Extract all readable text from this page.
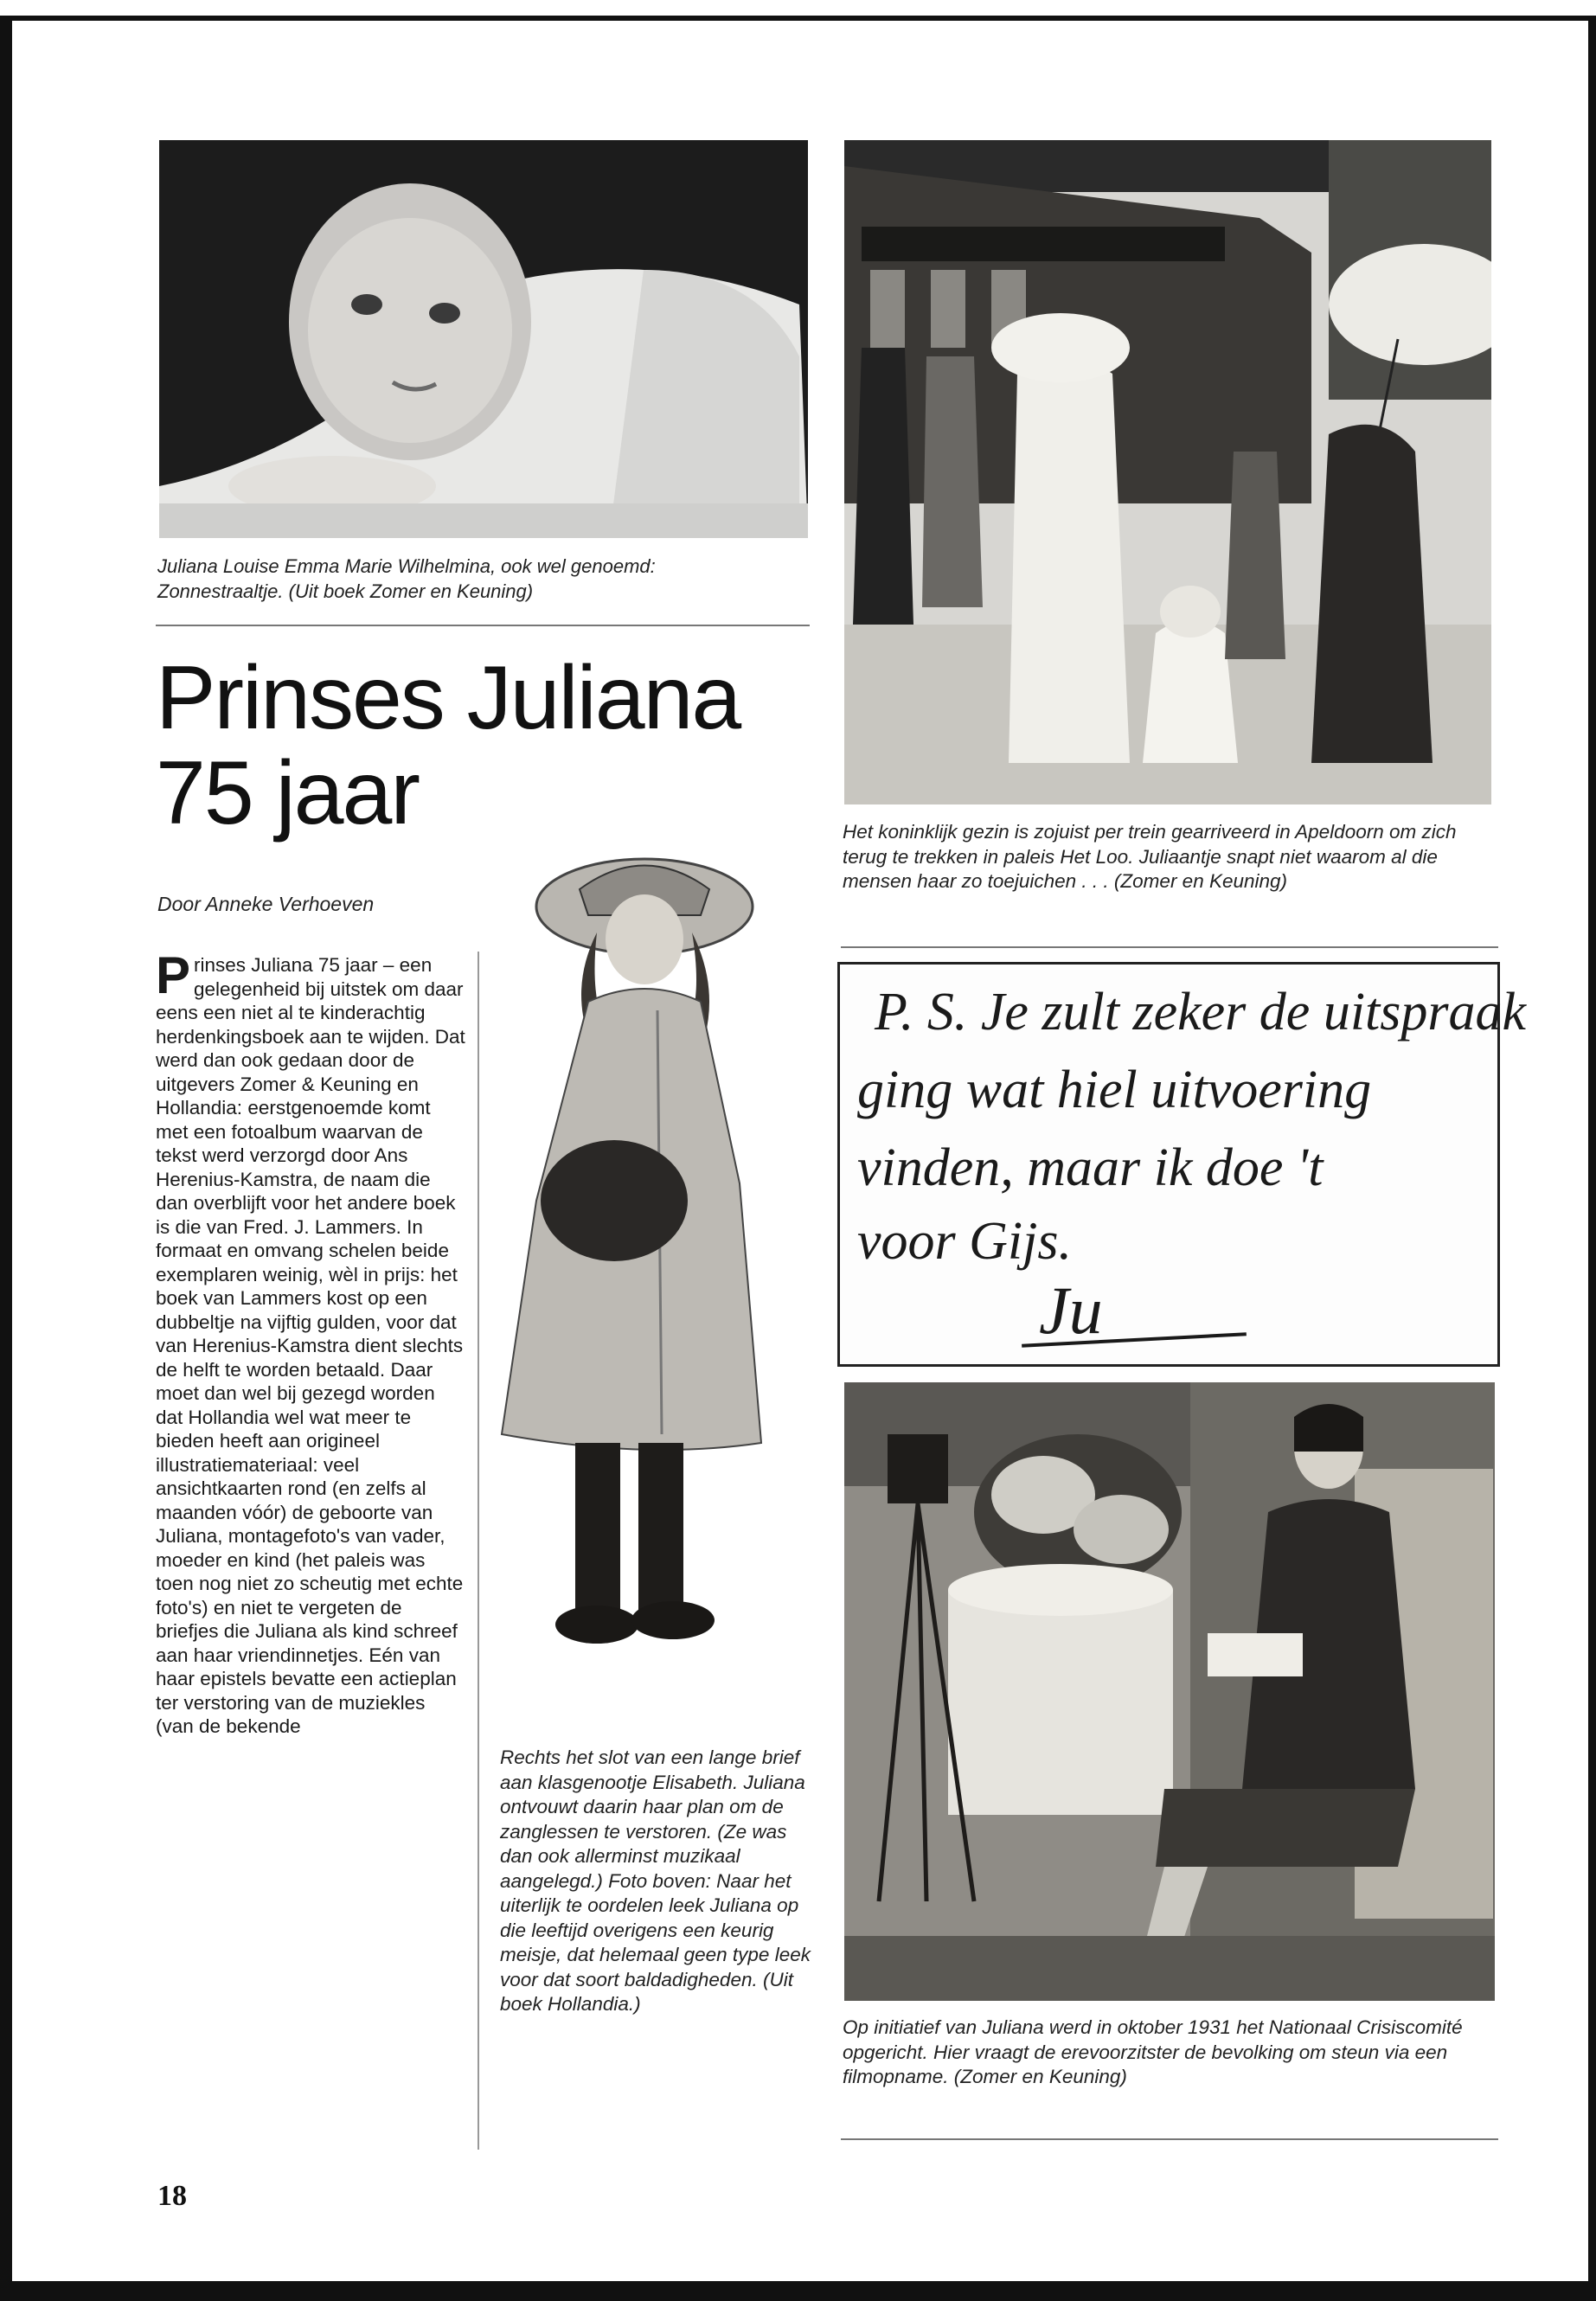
Juliana Louise Emma Marie Wilhelmina, ook wel genoemd: Zonnestraaltje. (Uit boek Zomer en Keuning)
Prinses Juliana
75 jaar
Door Anneke Verhoeven
Prinses Juliana 75 jaar – een gelegenheid bij uitstek om daar eens een niet al te kinderachtig herdenkingsboek aan te wijden. Dat werd dan ook gedaan door de uitgevers Zomer & Keuning en Hollandia: eerstgenoemde komt met een fotoalbum waarvan de tekst werd verzorgd door Ans Herenius-Kamstra, de naam die dan overblijft voor het andere boek is die van Fred. J. Lammers. In formaat en omvang schelen beide exemplaren weinig, wèl in prijs: het boek van Lammers kost op een dubbeltje na vijftig gulden, voor dat van Herenius-Kamstra dient slechts de helft te worden betaald. Daar moet dan wel bij gezegd worden dat Hollandia wel wat meer te bieden heeft aan origineel illustratiemateriaal: veel ansichtkaarten rond (en zelfs al maanden vóór) de geboorte van Juliana, montagefoto's van vader, moeder en kind (het paleis was toen nog niet zo scheutig met echte foto's) en niet te vergeten de briefjes die Juliana als kind schreef aan haar vriendinnetjes. Eén van haar epistels bevatte een actieplan ter verstoring van de muziekles (van de bekende
Rechts het slot van een lange brief aan klasgenootje Elisabeth. Juliana ontvouwt daarin haar plan om de zanglessen te verstoren. (Ze was dan ook allerminst muzikaal aangelegd.) Foto boven: Naar het uiterlijk te oordelen leek Juliana op die leeftijd overigens een keurig meisje, dat helemaal geen type leek voor dat soort baldadigheden. (Uit boek Hollandia.)
Het koninklijk gezin is zojuist per trein gearriveerd in Apeldoorn om zich terug te trekken in paleis Het Loo. Juliaantje snapt niet waarom al die mensen haar zo toejuichen . . . (Zomer en Keuning)
P. S. Je zult zeker de uitspraak
ging wat hiel uitvoering
vinden, maar ik doe 't
voor Gijs.
Ju
Op initiatief van Juliana werd in oktober 1931 het Nationaal Crisiscomité opgericht. Hier vraagt de erevoorzitster de bevolking om steun via een filmopname. (Zomer en Keuning)
18
